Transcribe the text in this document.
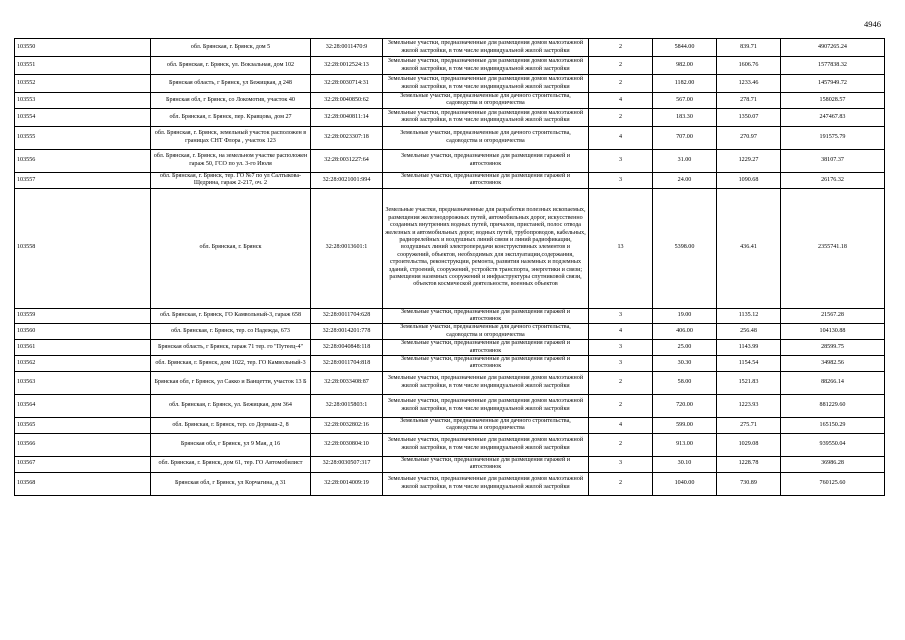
4946
103550	обл. Брянская, г. Брянск, дом 5	32:28:0011470:9	Земельные участки, предназначенные для размещения домов малоэтажной жилой застройки, в том числе индивидуальной жилой застройки	2	5844.00	839.71	4907265.24
103551	обл. Брянская, г. Брянск, ул. Вокзальная, дом 102	32:28:0012524:13	Земельные участки, предназначенные для размещения домов малоэтажной жилой застройки, в том числе индивидуальной жилой застройки	2	982.00	1606.76	1577838.32
103552	Брянская область, г Брянск, ул Бежицкая, д 248	32:28:0030714:31	Земельные участки, предназначенные для размещения домов малоэтажной жилой застройки, в том числе индивидуальной жилой застройки	2	1182.00	1233.46	1457949.72
103553	Брянская обл, г Брянск, со Локомотив, участок 40	32:28:0040850:62	Земельные участки, предназначенные для дачного строительства, садоводства и огородничества	4	567.00	278.71	158028.57
103554	обл. Брянская, г. Брянск, пер. Кравцова, дом 27	32:28:0040811:14	Земельные участки, предназначенные для размещения домов малоэтажной жилой застройки, в том числе индивидуальной жилой застройки	2	183.30	1350.07	247467.83
103555	обл. Брянская, г. Брянск, земельный участок расположен в границах СНТ Флора , участок 123	32:28:0023307:18	Земельные участки, предназначенные для дачного строительства, садоводства и огородничества	4	707.00	270.97	191575.79
103556	обл. Брянская, г. Брянск, на земельном участке расположен гараж 50, ГСО по ул. 3-го Июля	32:28:0031227:64	Земельные участки, предназначенные для размещения гаражей и автостоянок	3	31.00	1229.27	38107.37
103557	обл. Брянская, г. Брянск, тер. ГО №7 по ул Салтыкова-Щедрина, гараж 2-217, оч. 2	32:28:0021001:994	Земельные участки, предназначенные для размещения гаражей и автостоянок	3	24.00	1090.68	26176.32
103558	обл. Брянская, г. Брянск	32:28:0013601:1	Земельные участки, предназначенные для разработки полезных ископаемых, размещения железнодорожных путей, автомобильных дорог, искусственно созданных внутренних водных путей, причалов, пристаней, полос отвода железных и автомобильных дорог, водных путей, трубопроводов, кабельных, радиорелейных и воздушных линий связи и линий радиофикации, воздушных линий электропередачи конструктивных элементов и сооружений, объектов, необходимых для эксплуатации,содержания, строительства, реконструкции, ремонта, развития наземных и подземных зданий, строений, сооружений, устройств транспорта, энергетики и связи; размещения наземных сооружений и инфраструктуры спутниковой связи, объектов космической деятельности, военных объектов	13	5398.00	436.41	2355741.18
103559	обл. Брянская, г. Брянск, ГО Камвольный-3, гараж 658	32:28:0011704:628	Земельные участки, предназначенные для размещения гаражей и автостоянок	3	19.00	1135.12	21567.28
103560	обл. Брянская, г. Брянск, тер. со Надежда, 673	32:28:0014201:778	Земельные участки, предназначенные для дачного строительства, садоводства и огородничества	4	406.00	256.48	104130.88
103561	Брянская область, г Брянск, гараж 71 тер. го "Путеец-4"	32:28:0040848:118	Земельные участки, предназначенные для размещения гаражей и автостоянок	3	25.00	1143.99	28599.75
103562	обл. Брянская, г. Брянск, дом 1022, тер. ГО Камвольный-3	32:28:0011704:818	Земельные участки, предназначенные для размещения гаражей и автостоянок	3	30.30	1154.54	34982.56
103563	Брянская обл, г Брянск, ул Сакко и Ванцетти, участок 13 Б	32:28:0033408:87	Земельные участки, предназначенные для размещения домов малоэтажной жилой застройки, в том числе индивидуальной жилой застройки	2	58.00	1521.83	88266.14
103564	обл. Брянская, г. Брянск, ул. Бежицкая, дом 364	32:28:0015803:1	Земельные участки, предназначенные для размещения домов малоэтажной жилой застройки, в том числе индивидуальной жилой застройки	2	720.00	1223.93	881229.60
103565	обл. Брянская, г. Брянск, тер. со Дормаш-2, 8	32:28:0032802:16	Земельные участки, предназначенные для дачного строительства, садоводства и огородничества	4	599.00	275.71	165150.29
103566	Брянская обл, г Брянск, ул 9 Мая, д 16	32:28:0030804:10	Земельные участки, предназначенные для размещения домов малоэтажной жилой застройки, в том числе индивидуальной жилой застройки	2	913.00	1029.08	939550.04
103567	обл. Брянская, г. Брянск, дом 61, тер. ГО Автомобилист	32:28:0030507:317	Земельные участки, предназначенные для размещения гаражей и автостоянок	3	30.10	1228.78	36986.28
103568	Брянская обл, г Брянск, ул Корчагина, д 31	32:28:0014009:19	Земельные участки, предназначенные для размещения домов малоэтажной жилой застройки, в том числе индивидуальной жилой застройки	2	1040.00	730.89	760125.60
